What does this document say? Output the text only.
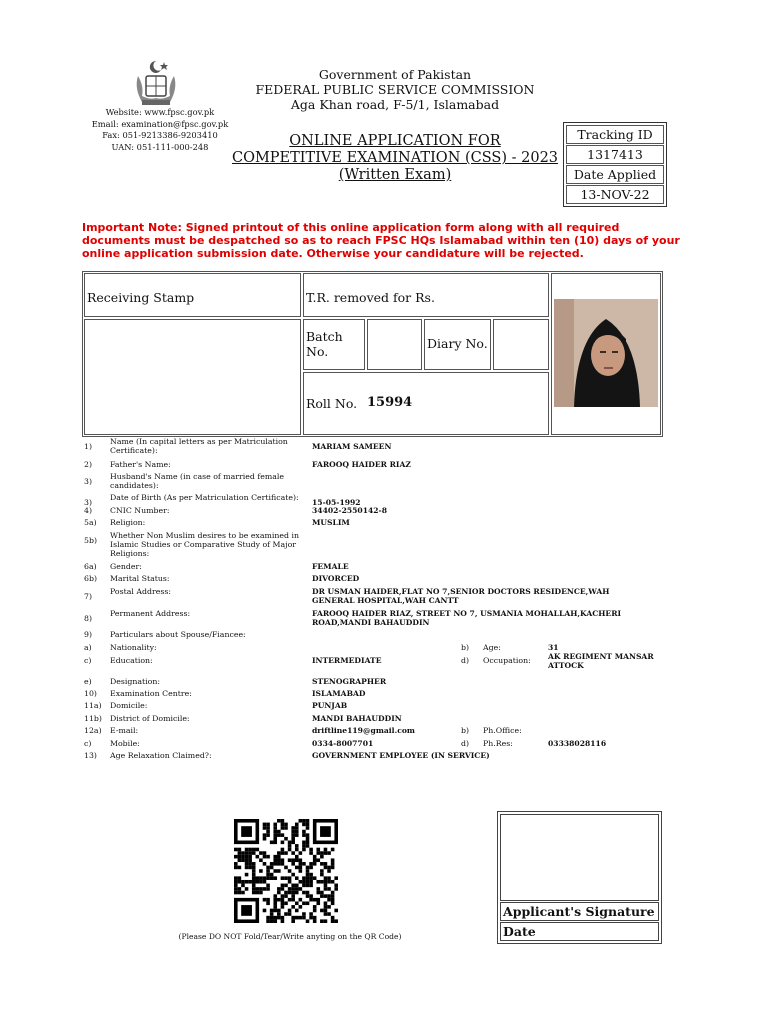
Website: www.fpsc.gov.pk
Email: examination@fpsc.gov.pk
Fax: 051-9213386-9203410
UAN: 051-111-000-248
Government of Pakistan
FEDERAL PUBLIC SERVICE COMMISSION
Aga Khan road, F-5/1, Islamabad
ONLINE APPLICATION FOR
COMPETITIVE EXAMINATION (CSS) - 2023
(Written Exam)
Tracking ID
1317413
Date Applied
13-NOV-22
Important Note: Signed printout of this online application form along with all required documents must be despatched so as to reach FPSC HQs Islamabad within ten (10) days of your online application submission date. Otherwise your candidature will be rejected.
Receiving Stamp	T.R. removed for Rs.
Batch No.
Diary No.
Roll No. 15994
1)
Name (In capital letters as per Matriculation Certificate):	MARIAM SAMEEN
2) Father's Name:	FAROOQ HAIDER RIAZ
3)
Husband's Name (in case of married female candidates):
3)
Date of Birth (As per Matriculation Certificate):
15-05-1992
4) CNIC Number:	34402-2550142-8
5a) Religion:	MUSLIM
5b)
Whether Non Muslim desires to be examined in Islamic Studies or Comparative Study of Major Religions:
6a) Gender:	FEMALE
6b) Marital Status:	DIVORCED
7)
Postal Address:	DR USMAN HAIDER,FLAT NO 7,SENIOR DOCTORS RESIDENCE,WAH GENERAL HOSPITAL,WAH CANTT
8)
Permanent Address:	FAROOQ HAIDER RIAZ, STREET NO 7, USMANIA MOHALLAH,KACHERI ROAD,MANDI BAHAUDDIN
9) Particulars about Spouse/Fiancee:
a) Nationality:	b) Age:	31
c) Education:	INTERMEDIATE	d) Occupation: AK REGIMENT MANSAR ATTOCK
e) Designation:	STENOGRAPHER
10) Examination Centre:	ISLAMABAD
11a) Domicile:	PUNJAB
11b) District of Domicile:	MANDI BAHAUDDIN
12a) E-mail:	driftline119@gmail.com	b) Ph.Office:
c) Mobile:	0334-8007701	d) Ph.Res:	03338028116
13) Age Relaxation Claimed?:	GOVERNMENT EMPLOYEE (IN SERVICE)
(Please DO NOT Fold/Tear/Write anyting on the QR Code)
Applicant's Signature
Date
